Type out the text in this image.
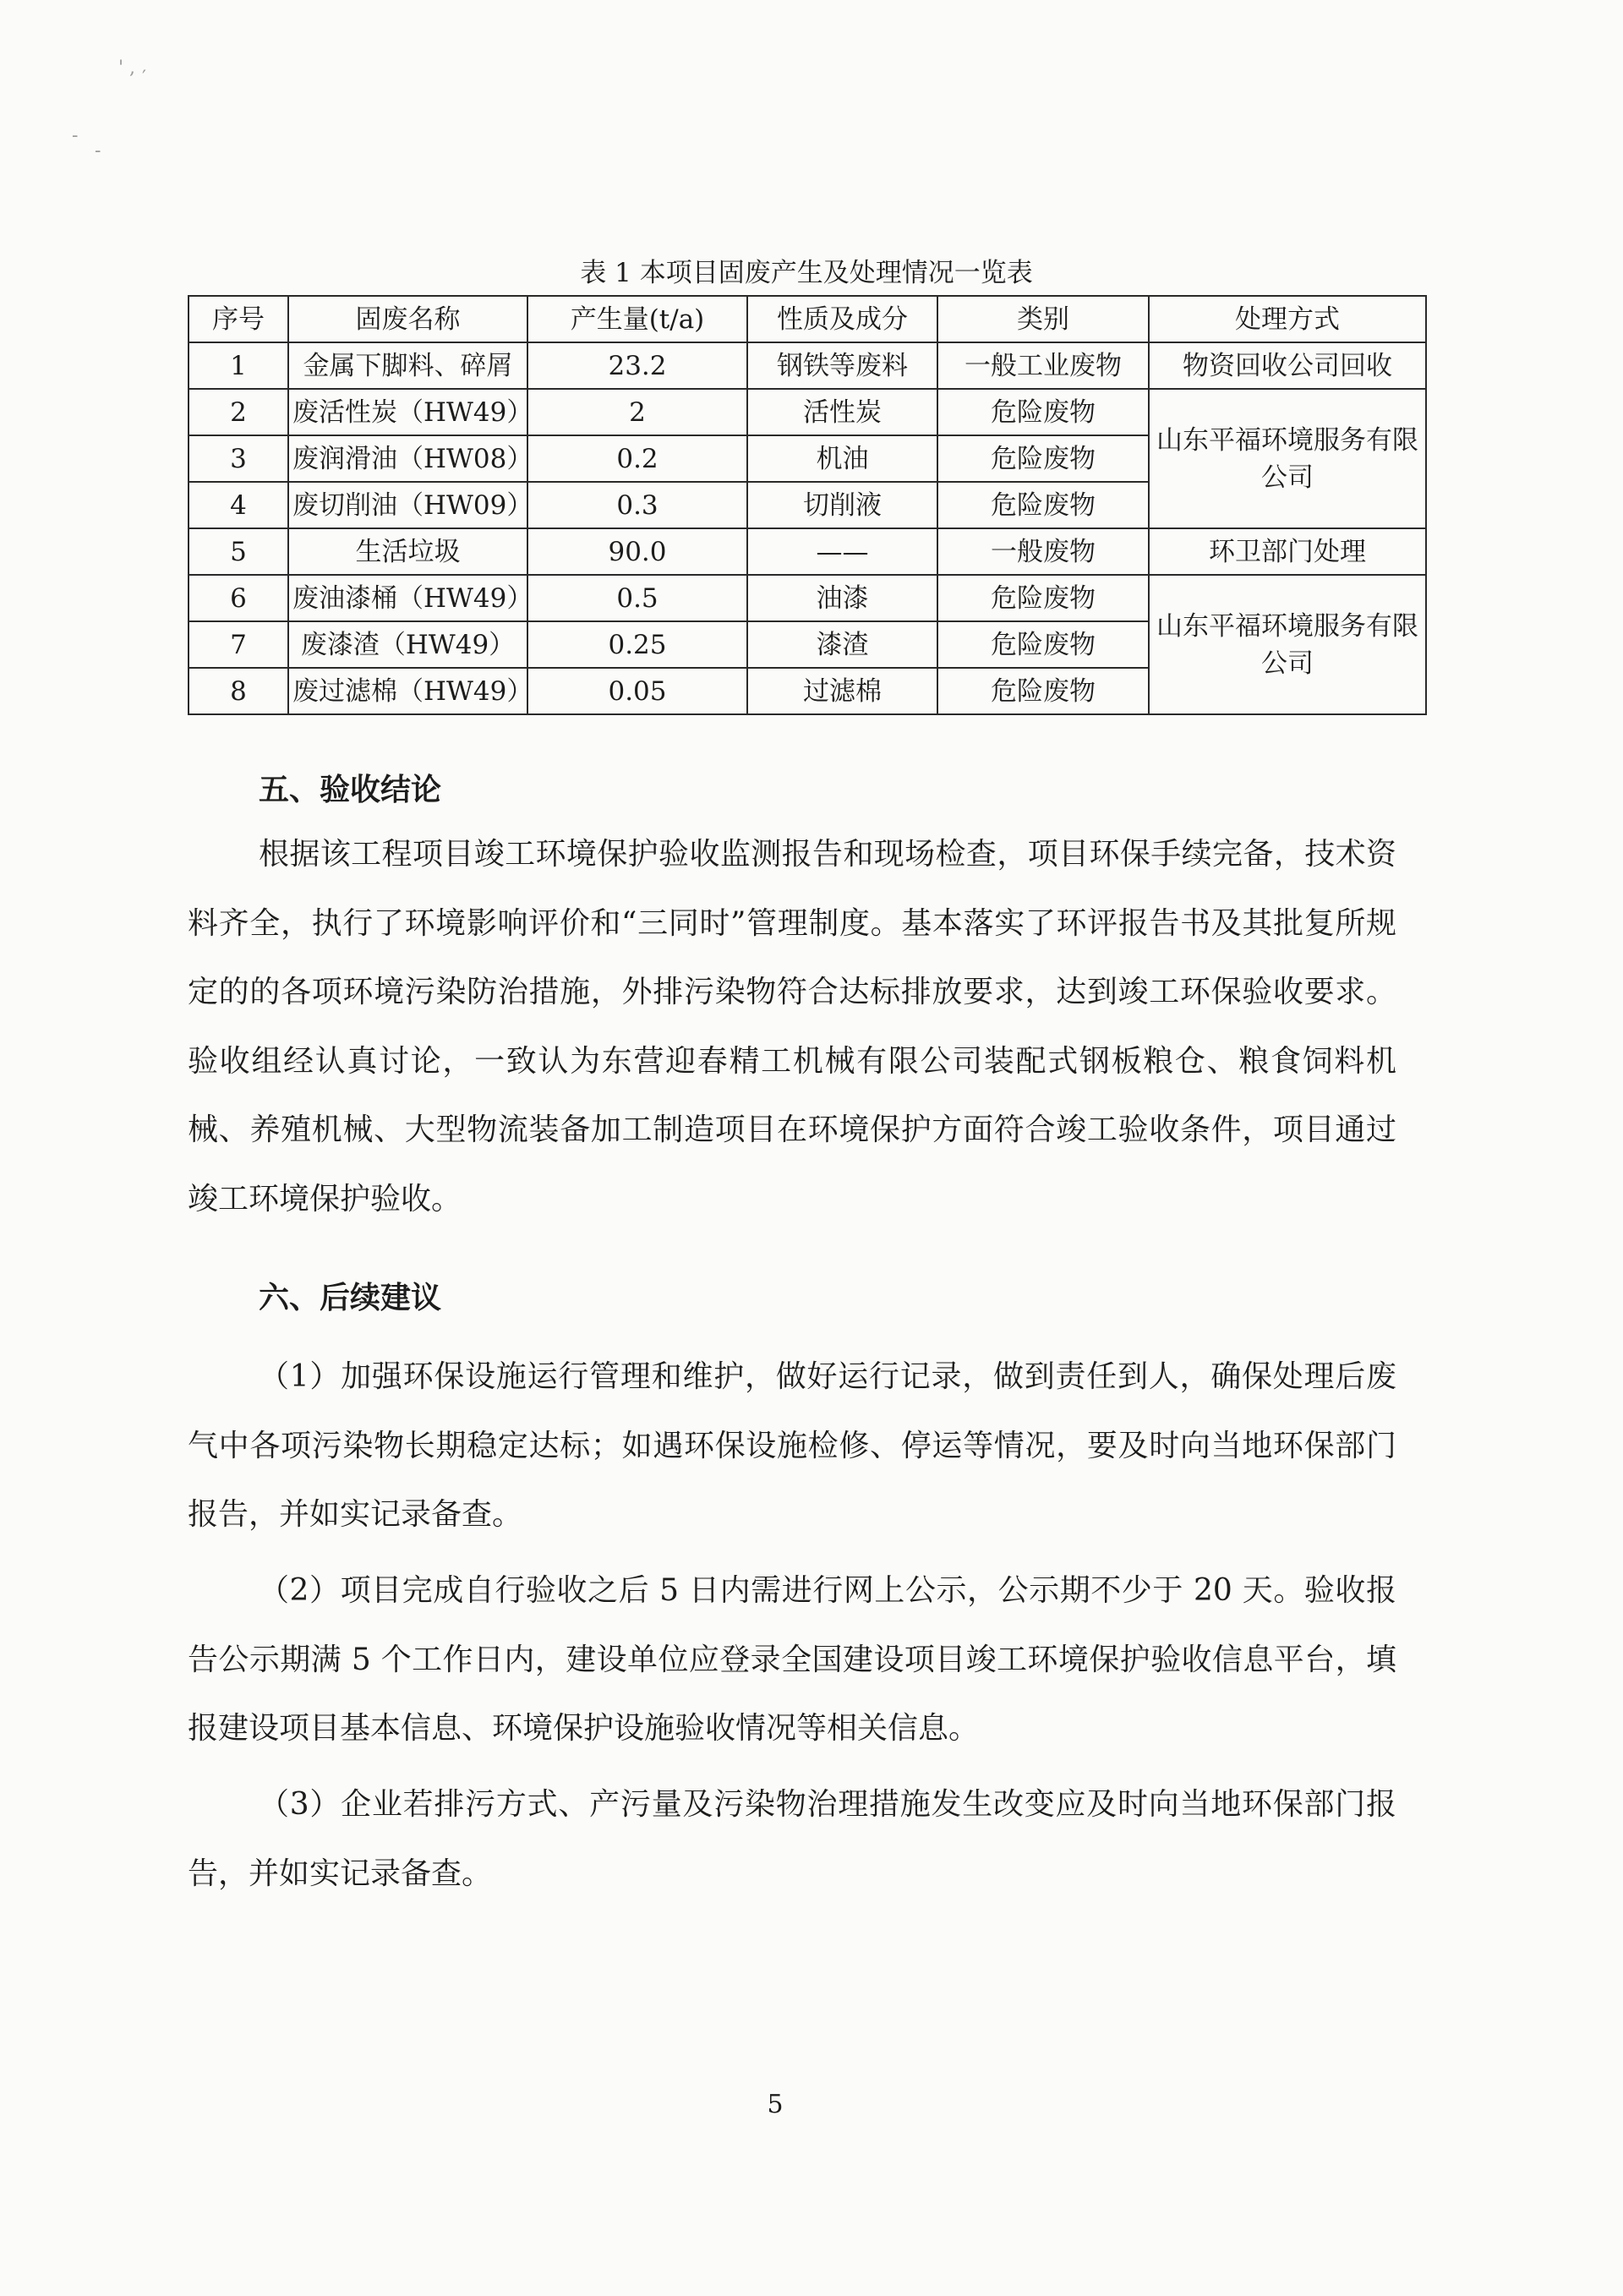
' , ′
-
-
表 1 本项目固废产生及处理情况一览表
序号	固废名称	产生量(t/a)	性质及成分	类别	处理方式
1	金属下脚料、碎屑	23.2	钢铁等废料	一般工业废物	物资回收公司回收
2	废活性炭（HW49）	2	活性炭	危险废物	山东平福环境服务有限公司
3	废润滑油（HW08）	0.2	机油	危险废物	
4	废切削油（HW09）	0.3	切削液	危险废物	
5	生活垃圾	90.0	——	一般废物	环卫部门处理
6	废油漆桶（HW49）	0.5	油漆	危险废物	山东平福环境服务有限公司
7	废漆渣（HW49）	0.25	漆渣	危险废物	
8	废过滤棉（HW49）	0.05	过滤棉	危险废物	
五、验收结论
根据该工程项目竣工环境保护验收监测报告和现场检查，项目环保手续完备，技术资料齐全，执行了环境影响评价和“三同时”管理制度。基本落实了环评报告书及其批复所规定的的各项环境污染防治措施，外排污染物符合达标排放要求，达到竣工环保验收要求。验收组经认真讨论，一致认为东营迎春精工机械有限公司装配式钢板粮仓、粮食饲料机械、养殖机械、大型物流装备加工制造项目在环境保护方面符合竣工验收条件，项目通过竣工环境保护验收。
六、后续建议
（1）加强环保设施运行管理和维护，做好运行记录，做到责任到人，确保处理后废气中各项污染物长期稳定达标；如遇环保设施检修、停运等情况，要及时向当地环保部门报告，并如实记录备查。
（2）项目完成自行验收之后 5 日内需进行网上公示，公示期不少于 20 天。验收报告公示期满 5 个工作日内，建设单位应登录全国建设项目竣工环境保护验收信息平台，填报建设项目基本信息、环境保护设施验收情况等相关信息。
（3）企业若排污方式、产污量及污染物治理措施发生改变应及时向当地环保部门报告，并如实记录备查。
5
